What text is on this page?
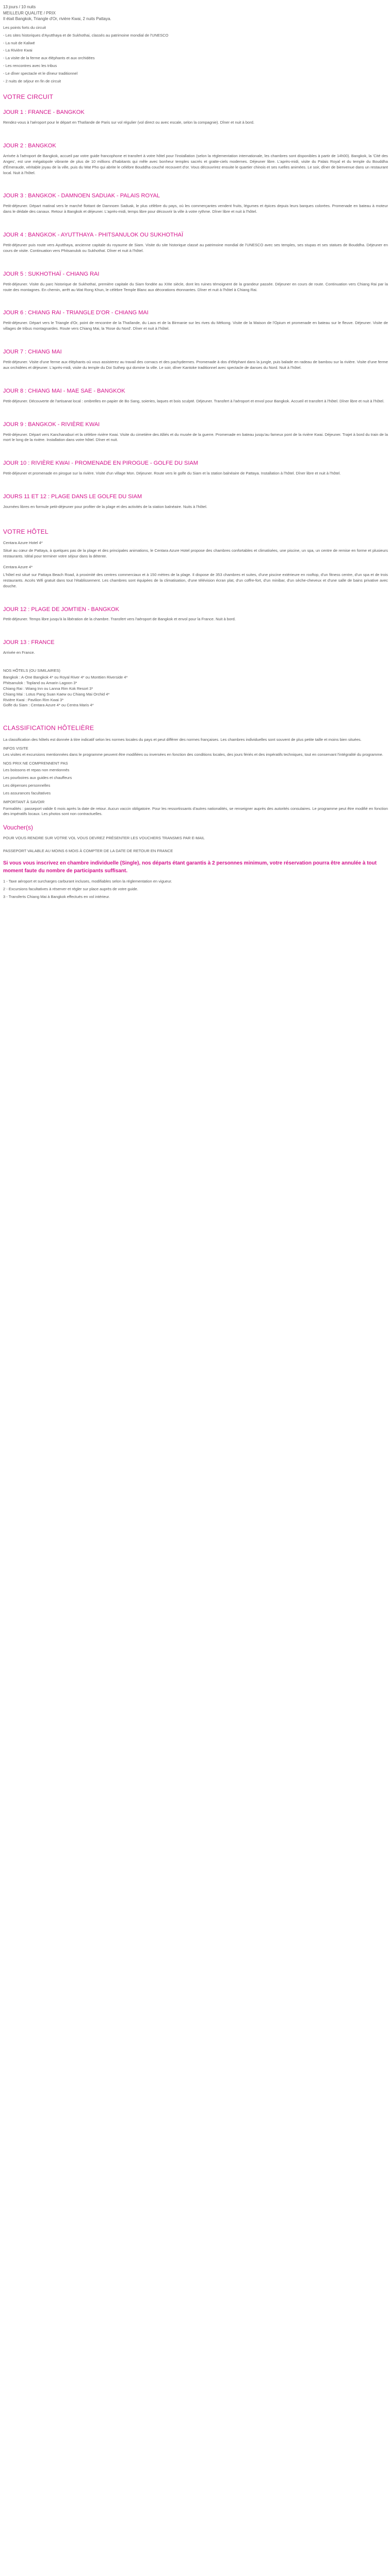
13 jours / 10 nuits

MEILLEUR QUALITE / PRIX

Il était Bangkok, Triangle d'Or, rivière Kwai, 2 nuits Pattaya.

Les points forts du circuit

- Les sites historiques d'Ayutthaya et de Sukhothai, classés au patrimoine mondial de l'UNESCO

- La nuit de Kaliwé

- La Rivière Kwai

- La visite de la ferme aux éléphants et aux orchidées

- Les rencontres avec les tribus

- Le dîner spectacle et le dîneur traditionnel

- 2 nuits de séjour en fin de circuit

VOTRE CIRCUIT
JOUR 1 : FRANCE - BANGKOK

Rendez-vous à l'aéroport pour le départ en Thaïlande de Paris sur vol régulier (vol direct ou avec escale, selon la compagnie). Dîner et nuit à bord.

JOUR 2 : BANGKOK

Arrivée à l'aéroport de Bangkok, accueil par votre guide francophone et transfert à votre hôtel pour l'installation (selon la réglementation internationale, les chambres sont disponibles à partir de 14h00). Bangkok, la 'Cité des Anges', est une mégalopole vibrante de plus de 10 millions d'habitants qui mêle avec bonheur temples sacrés et gratte-ciels modernes. Déjeuner libre. L'après-midi, visite du Palais Royal et du temple du Bouddha d'Émeraude, véritable joyau de la ville, puis du Wat Pho qui abrite le célèbre Bouddha couché recouvert d'or. Vous découvrirez ensuite le quartier chinois et ses ruelles animées. Le soir, dîner de bienvenue dans un restaurant local. Nuit à l'hôtel.

JOUR 3 : BANGKOK - DAMNOEN SADUAK - PALAIS ROYAL

Petit-déjeuner. Départ matinal vers le marché flottant de Damnoen Saduak, le plus célèbre du pays, où les commerçantes vendent fruits, légumes et épices depuis leurs barques colorées. Promenade en bateau à moteur dans le dédale des canaux. Retour à Bangkok et déjeuner. L'après-midi, temps libre pour découvrir la ville à votre rythme. Dîner libre et nuit à l'hôtel.

JOUR 4 : BANGKOK - AYUTTHAYA - PHITSANULOK OU SUKHOTHAÏ

Petit-déjeuner puis route vers Ayutthaya, ancienne capitale du royaume de Siam. Visite du site historique classé au patrimoine mondial de l'UNESCO avec ses temples, ses stupas et ses statues de Bouddha. Déjeuner en cours de visite. Continuation vers Phitsanulok ou Sukhothaï. Dîner et nuit à l'hôtel.

JOUR 5 : SUKHOTHAÏ - CHIANG RAI

Petit-déjeuner. Visite du parc historique de Sukhothaï, première capitale du Siam fondée au XIIIe siècle, dont les ruines témoignent de la grandeur passée. Déjeuner en cours de route. Continuation vers Chiang Rai par la route des montagnes. En chemin, arrêt au Wat Rong Khun, le célèbre Temple Blanc aux décorations étonnantes. Dîner et nuit à l'hôtel à Chiang Rai.

JOUR 6 : CHIANG RAI - TRIANGLE D'OR - CHIANG MAI

Petit-déjeuner. Départ vers le Triangle d'Or, point de rencontre de la Thaïlande, du Laos et de la Birmanie sur les rives du Mékong. Visite de la Maison de l'Opium et promenade en bateau sur le fleuve. Déjeuner. Visite de villages de tribus montagnardes. Route vers Chiang Mai, la 'Rose du Nord'. Dîner et nuit à l'hôtel.

JOUR 7 : CHIANG MAI

Petit-déjeuner. Visite d'une ferme aux éléphants où vous assisterez au travail des cornacs et des pachydermes. Promenade à dos d'éléphant dans la jungle, puis balade en radeau de bambou sur la rivière. Visite d'une ferme aux orchidées et déjeuner. L'après-midi, visite du temple du Doi Suthep qui domine la ville. Le soir, dîner Kantoke traditionnel avec spectacle de danses du Nord. Nuit à l'hôtel.

JOUR 8 : CHIANG MAI - MAE SAE - BANGKOK

Petit-déjeuner. Découverte de l'artisanat local : ombrelles en papier de Bo Sang, soieries, laques et bois sculpté. Déjeuner. Transfert à l'aéroport et envol pour Bangkok. Accueil et transfert à l'hôtel. Dîner libre et nuit à l'hôtel.

JOUR 9 : BANGKOK - RIVIÈRE KWAI

Petit-déjeuner. Départ vers Kanchanaburi et la célèbre rivière Kwai. Visite du cimetière des Alliés et du musée de la guerre. Promenade en bateau jusqu'au fameux pont de la rivière Kwai. Déjeuner. Trajet à bord du train de la mort le long de la rivière. Installation dans votre hôtel. Dîner et nuit.

JOUR 10 : RIVIÈRE KWAI - PROMENADE EN PIROGUE - GOLFE DU SIAM

Petit-déjeuner et promenade en pirogue sur la rivière. Visite d'un village Mon. Déjeuner. Route vers le golfe du Siam et la station balnéaire de Pattaya. Installation à l'hôtel. Dîner libre et nuit à l'hôtel.

JOURS 11 ET 12 : PLAGE DANS LE GOLFE DU SIAM

Journées libres en formule petit-déjeuner pour profiter de la plage et des activités de la station balnéaire. Nuits à l'hôtel.

VOTRE HÔTEL

Centara Azure Hotel 4*

Situé au cœur de Pattaya, à quelques pas de la plage et des principales animations, le Centara Azure Hotel propose des chambres confortables et climatisées, une piscine, un spa, un centre de remise en forme et plusieurs restaurants. Idéal pour terminer votre séjour dans la détente.

Centara Azure 4*

L'hôtel est situé sur Pattaya Beach Road, à proximité des centres commerciaux et à 150 mètres de la plage. Il dispose de 353 chambres et suites, d'une piscine extérieure en rooftop, d'un fitness centre, d'un spa et de trois restaurants. Accès Wifi gratuit dans tout l'établissement. Les chambres sont équipées de la climatisation, d'une télévision écran plat, d'un coffre-fort, d'un minibar, d'un sèche-cheveux et d'une salle de bains privative avec douche.

JOUR 12 : PLAGE DE JOMTIEN - BANGKOK

Petit-déjeuner. Temps libre jusqu'à la libération de la chambre. Transfert vers l'aéroport de Bangkok et envol pour la France. Nuit à bord.

JOUR 13 : FRANCE

Arrivée en France.

NOS HÔTELS (OU SIMILAIRES)

Bangkok : A-One Bangkok 4* ou Royal River 4* ou Monttien Riverside 4*

Phitsanulok : Topland ou Amarin Lagoon 3*

Chiang Rai : Wiang Inn ou Lanna Rim Kok Resort 3*

Chiang Mai : Lotus Pang Suan Kaew ou Chiang Mai Orchid 4*

Rivière Kwai : Pavilion Rim Kwai 3*

Golfe du Siam : Centara Azure 4* ou Centra Maris 4*

CLASSIFICATION HÔTELIÈRE

La classification des hôtels est donnée à titre indicatif selon les normes locales du pays et peut différer des normes françaises. Les chambres individuelles sont souvent de plus petite taille et moins bien situées.

INFOS VISITE

Les visites et excursions mentionnées dans le programme peuvent être modifiées ou inversées en fonction des conditions locales, des jours fériés et des impératifs techniques, tout en conservant l'intégralité du programme.

NOS PRIX NE COMPRENNENT PAS

Les boissons et repas non mentionnés

Les pourboires aux guides et chauffeurs

Les dépenses personnelles

Les assurances facultatives

IMPORTANT À SAVOIR

Formalités : passeport valide 6 mois après la date de retour. Aucun vaccin obligatoire. Pour les ressortissants d'autres nationalités, se renseigner auprès des autorités consulaires. Le programme peut être modifié en fonction des impératifs locaux. Les photos sont non contractuelles.

Voucher(s)

POUR VOUS RENDRE SUR VOTRE VOL VOUS DEVREZ PRÉSENTER LES VOUCHERS TRANSMIS PAR E-MAIL

PASSEPORT VALABLE AU MOINS 6 MOIS À COMPTER DE LA DATE DE RETOUR EN FRANCE

Si vous vous inscrivez en chambre individuelle (Single), nos départs étant garantis à 2 personnes minimum, votre réservation pourra être annulée à tout moment faute du nombre de participants suffisant.

1 - Taxe aéroport et surcharges carburant incluses, modifiables selon la réglementation en vigueur.

2 - Excursions facultatives à réserver et régler sur place auprès de votre guide.

3 - Transferts Chiang Mai à Bangkok effectués en vol intérieur.
